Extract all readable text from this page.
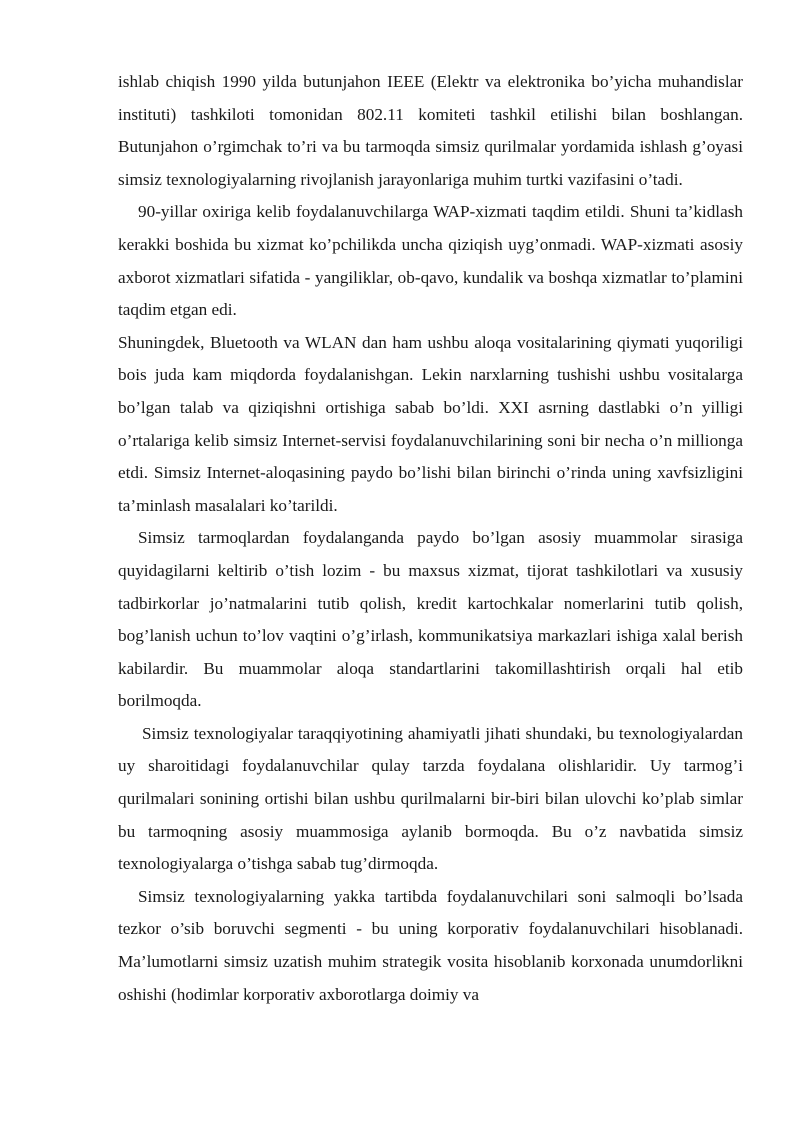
ishlab chiqish 1990 yilda butunjahon IEEE (Elektr va elektronika bo’yicha muhandislar instituti) tashkiloti tomonidan 802.11 komiteti tashkil etilishi bilan boshlangan. Butunjahon o’rgimchak to’ri va bu tarmoqda simsiz qurilmalar yordamida ishlash g’oyasi simsiz texnologiyalarning rivojlanish jarayonlariga muhim turtki vazifasini o’tadi.

90-yillar oxiriga kelib foydalanuvchilarga WAP-xizmati taqdim etildi. Shuni ta’kidlash kerakki boshida bu xizmat ko’pchilikda uncha qiziqish uyg’onmadi. WAP-xizmati asosiy axborot xizmatlari sifatida - yangiliklar, ob-qavo, kundalik va boshqa xizmatlar to’plamini taqdim etgan edi.

Shuningdek, Bluetooth va WLAN dan ham ushbu aloqa vositalarining qiymati yuqoriligi bois juda kam miqdorda foydalanishgan. Lekin narxlarning tushishi ushbu vositalarga bo’lgan talab va qiziqishni ortishiga sabab bo’ldi. XXI asrning dastlabki o’n yilligi o’rtalariga kelib simsiz Internet-servisi foydalanuvchilarining soni bir necha o’n millionga etdi. Simsiz Internet-aloqasining paydo bo’lishi bilan birinchi o’rinda uning xavfsizligini ta’minlash masalalari ko’tarildi.

Simsiz tarmoqlardan foydalanganda paydo bo’lgan asosiy muammolar sirasiga quyidagilarni keltirib o’tish lozim - bu maxsus xizmat, tijorat tashkilotlari va xususiy tadbirkorlar jo’natmalarini tutib qolish, kredit kartochkalar nomerlarini tutib qolish, bog’lanish uchun to’lov vaqtini o’g’irlash, kommunikatsiya markazlari ishiga xalal berish kabilardir. Bu muammolar aloqa standartlarini takomillashtirish orqali hal etib borilmoqda.

Simsiz texnologiyalar taraqqiyotining ahamiyatli jihati shundaki, bu texnologiyalardan uy sharoitidagi foydalanuvchilar qulay tarzda foydalana olishlaridir. Uy tarmog’i qurilmalari sonining ortishi bilan ushbu qurilmalarni bir-biri bilan ulovchi ko’plab simlar bu tarmoqning asosiy muammosiga aylanib bormoqda. Bu o’z navbatida simsiz texnologiyalarga o’tishga sabab tug’dirmoqda.

Simsiz texnologiyalarning yakka tartibda foydalanuvchilari soni salmoqli bo’lsada tezkor o’sib boruvchi segmenti - bu uning korporativ foydalanuvchilari hisoblanadi. Ma’lumotlarni simsiz uzatish muhim strategik vosita hisoblanib korxonada unumdorlikni oshishi (hodimlar korporativ axborotlarga doimiy va
